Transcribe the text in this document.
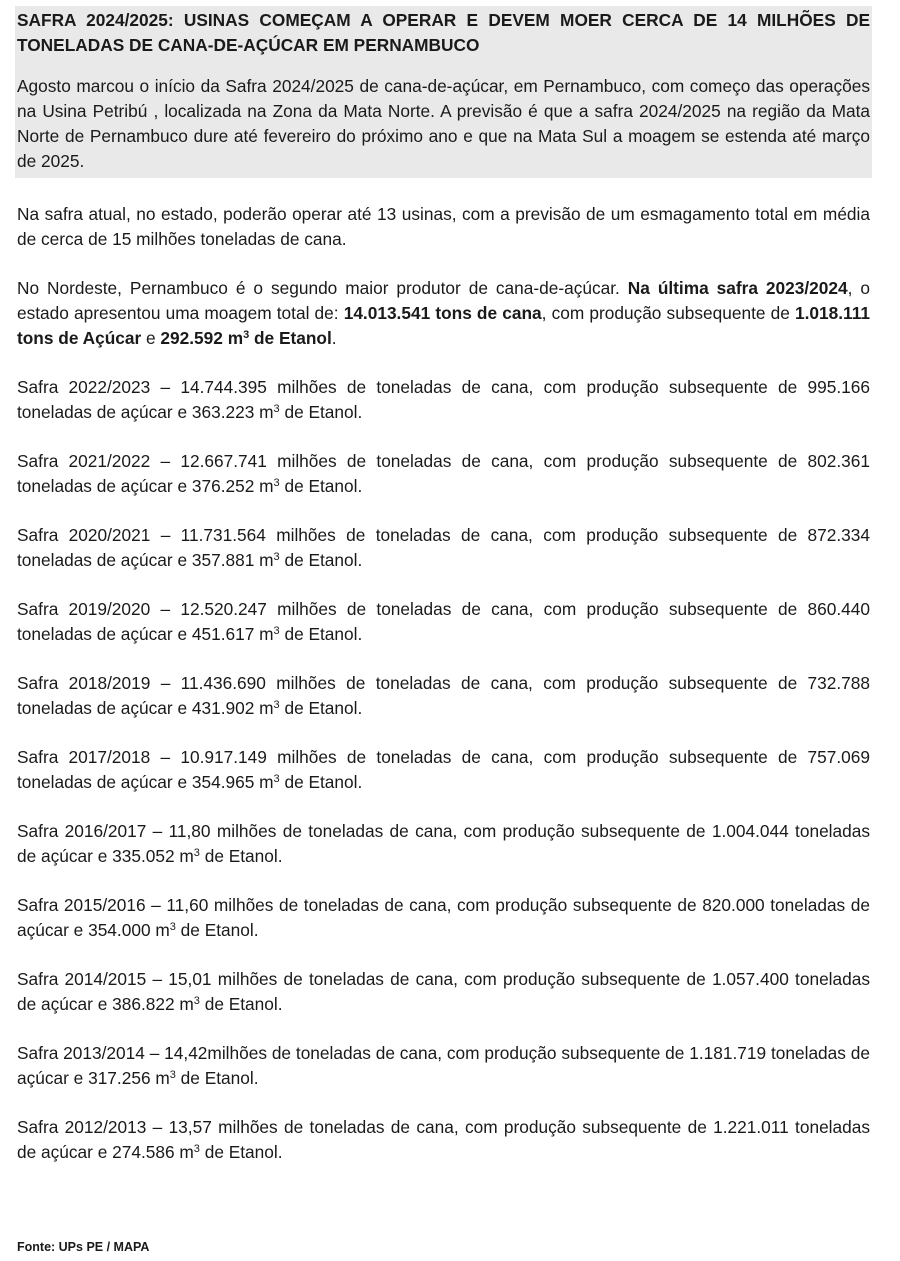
SAFRA 2024/2025: USINAS COMEÇAM A OPERAR E DEVEM MOER CERCA DE 14 MILHÕES DE TONELADAS DE CANA-DE-AÇÚCAR EM PERNAMBUCO

Agosto marcou o início da Safra 2024/2025 de cana-de-açúcar, em Pernambuco, com começo das operações na Usina Petribú , localizada na Zona da Mata Norte. A previsão é que a safra 2024/2025 na região da Mata Norte de Pernambuco dure até fevereiro do próximo ano e que na Mata Sul a moagem se estenda até março de 2025.

Na safra atual, no estado, poderão operar até 13 usinas, com a previsão de um esmagamento total em média de cerca de 15 milhões toneladas de cana.

No Nordeste, Pernambuco é o segundo maior produtor de cana-de-açúcar. Na última safra 2023/2024, o estado apresentou uma moagem total de: 14.013.541 tons de cana, com produção subsequente de 1.018.111 tons de Açúcar e 292.592 $m^3$ de Etanol.

Safra 2022/2023 – 14.744.395 milhões de toneladas de cana, com produção subsequente de 995.166 toneladas de açúcar e 363.223 $m^3$ de Etanol.

Safra 2021/2022 – 12.667.741 milhões de toneladas de cana, com produção subsequente de 802.361 toneladas de açúcar e 376.252 $m^3$ de Etanol.

Safra 2020/2021 – 11.731.564 milhões de toneladas de cana, com produção subsequente de 872.334 toneladas de açúcar e 357.881 $m^3$ de Etanol.

Safra 2019/2020 – 12.520.247 milhões de toneladas de cana, com produção subsequente de 860.440 toneladas de açúcar e 451.617 $m^3$ de Etanol.

Safra 2018/2019 – 11.436.690 milhões de toneladas de cana, com produção subsequente de 732.788 toneladas de açúcar e 431.902 $m^3$ de Etanol.

Safra 2017/2018 – 10.917.149 milhões de toneladas de cana, com produção subsequente de 757.069 toneladas de açúcar e 354.965 $m^3$ de Etanol.

Safra 2016/2017 – 11,80 milhões de toneladas de cana, com produção subsequente de 1.004.044 toneladas de açúcar e 335.052 $m^3$ de Etanol.

Safra 2015/2016 – 11,60 milhões de toneladas de cana, com produção subsequente de 820.000 toneladas de açúcar e 354.000 $m^3$ de Etanol.

Safra 2014/2015 – 15,01 milhões de toneladas de cana, com produção subsequente de 1.057.400 toneladas de açúcar e 386.822 $m^3$ de Etanol.

Safra 2013/2014 – 14,42milhões de toneladas de cana, com produção subsequente de 1.181.719 toneladas de açúcar e 317.256 $m^3$ de Etanol.

Safra 2012/2013 – 13,57 milhões de toneladas de cana, com produção subsequente de 1.221.011 toneladas de açúcar e 274.586 $m^3$ de Etanol.

Fonte: UPs PE / MAPA
